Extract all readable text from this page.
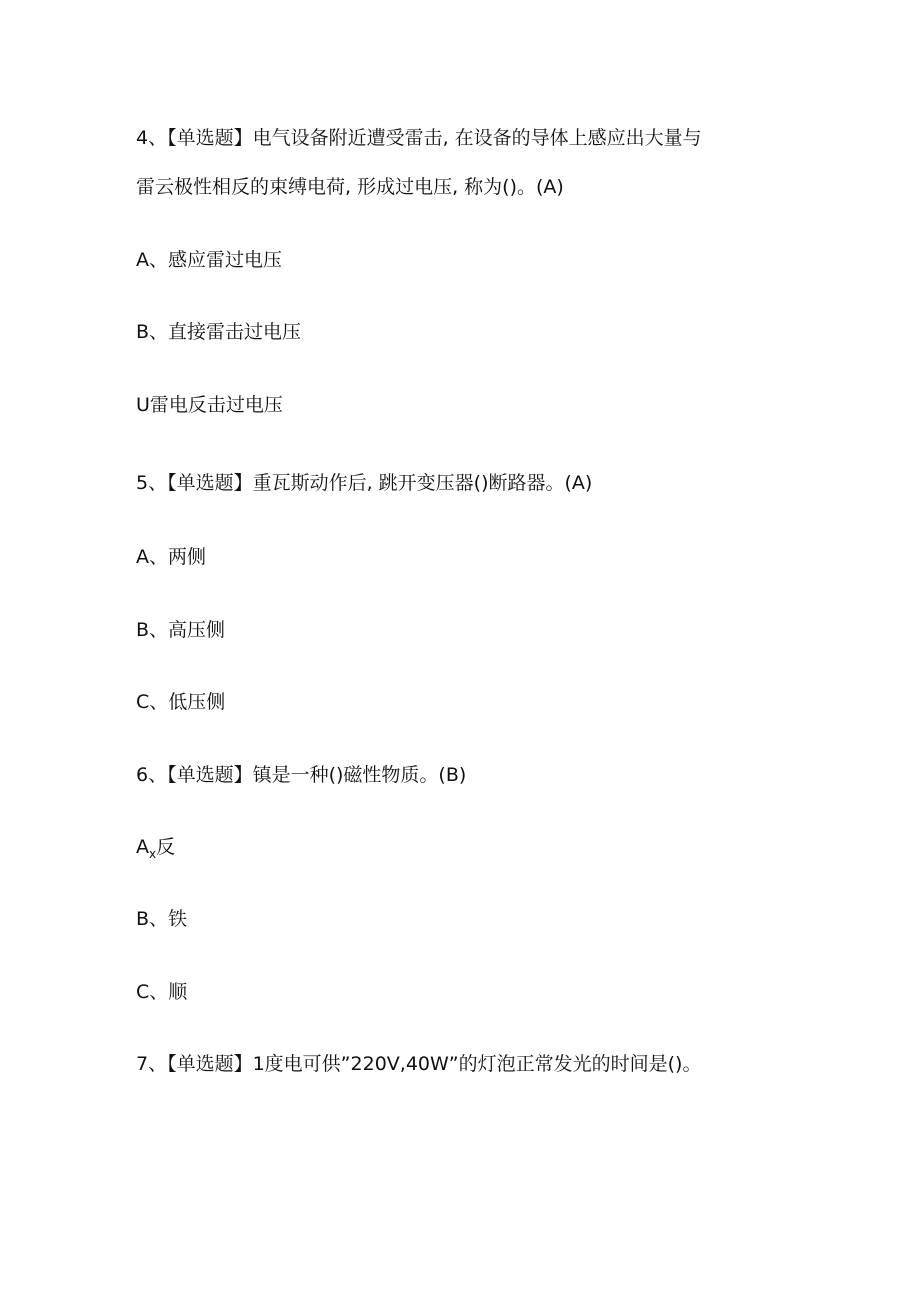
4、【单选题】电气设备附近遭受雷击, 在设备的导体上感应出大量与
雷云极性相反的束缚电荷, 形成过电压, 称为()。(A)
A、感应雷过电压
B、直接雷击过电压
U雷电反击过电压
5、【单选题】重瓦斯动作后, 跳开变压器()断路器。(A)
A、两侧
B、高压侧
C、低压侧
6、【单选题】镇是一种()磁性物质。(B)
$A_x$反
B、铁
C、顺
7、【单选题】1度电可供”220V,40W”的灯泡正常发光的时间是()。
